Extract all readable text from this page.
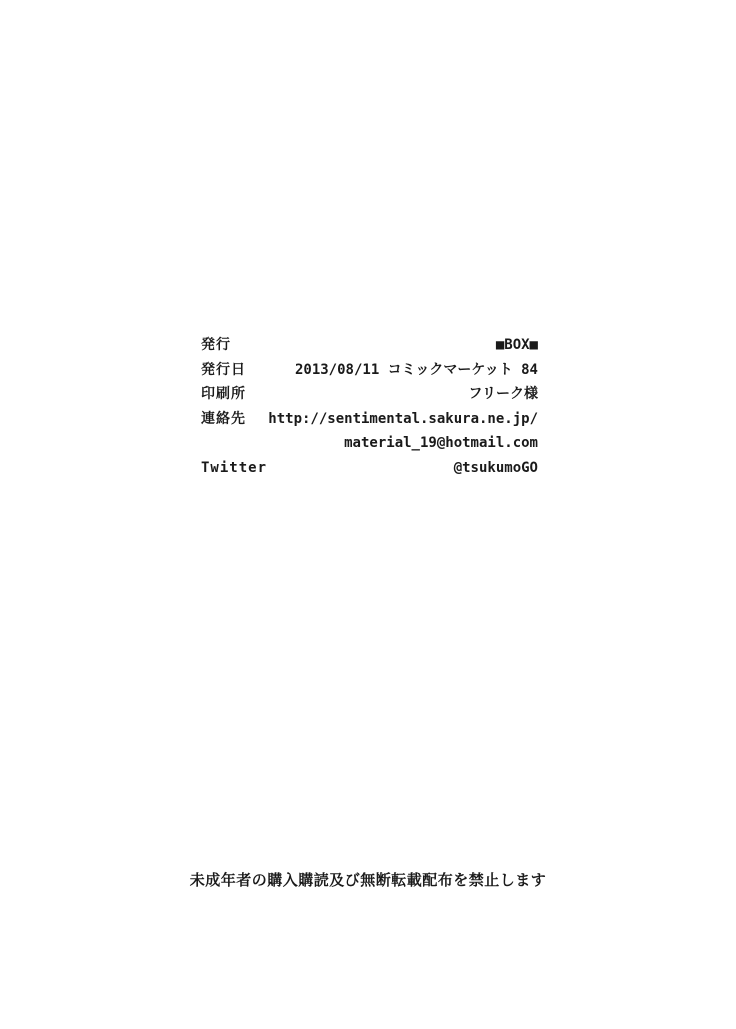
発行	■BOX■
発行日	2013/08/11 コミックマーケット 84
印刷所	フリーク様
連絡先 http://sentimental.sakura.ne.jp/
material_19@hotmail.com
Twitter	@tsukumoGO
未成年者の購入購読及び無断転載配布を禁止します
